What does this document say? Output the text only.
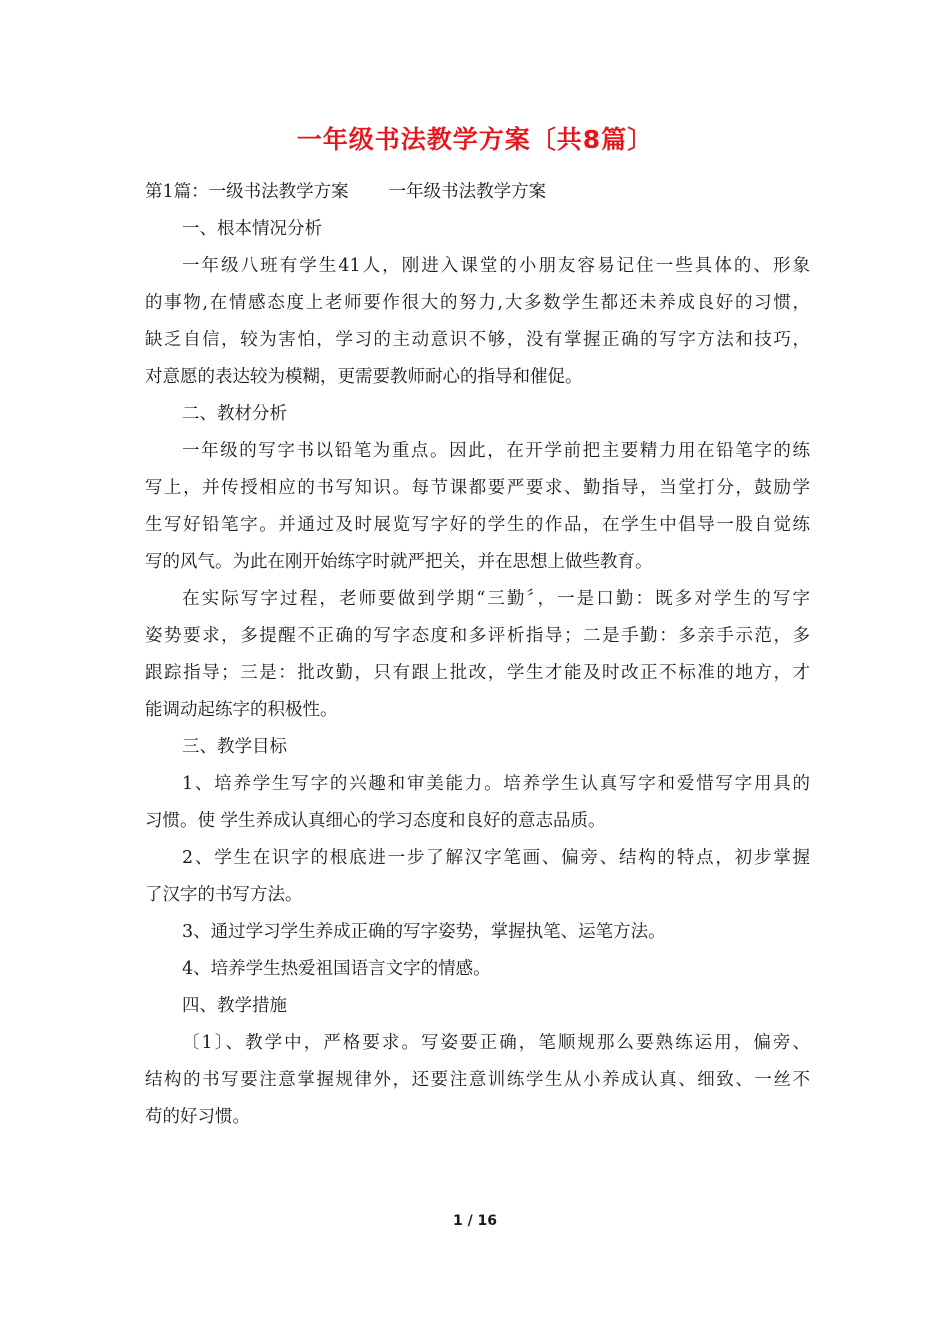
一年级书法教学方案〔共8篇〕
第1篇：一级书法教学方案 一年级书法教学方案
一、根本情况分析
一年级八班有学生41人，刚进入课堂的小朋友容易记住一些具体的、形象
的事物,在情感态度上老师要作很大的努力,大多数学生都还未养成良好的习惯，
缺乏自信，较为害怕，学习的主动意识不够，没有掌握正确的写字方法和技巧，
对意愿的表达较为模糊，更需要教师耐心的指导和催促。
二、教材分析
一年级的写字书以铅笔为重点。因此，在开学前把主要精力用在铅笔字的练
写上，并传授相应的书写知识。每节课都要严要求、勤指导，当堂打分，鼓励学
生写好铅笔字。并通过及时展览写字好的学生的作品，在学生中倡导一股自觉练
写的风气。为此在刚开始练字时就严把关，并在思想上做些教育。
在实际写字过程，老师要做到学期“三勤〞，一是口勤：既多对学生的写字
姿势要求，多提醒不正确的写字态度和多评析指导；二是手勤：多亲手示范，多
跟踪指导；三是：批改勤，只有跟上批改，学生才能及时改正不标准的地方，才
能调动起练字的积极性。
三、教学目标
1、培养学生写字的兴趣和审美能力。培养学生认真写字和爱惜写字用具的
习惯。使 学生养成认真细心的学习态度和良好的意志品质。
2、学生在识字的根底进一步了解汉字笔画、偏旁、结构的特点，初步掌握
了汉字的书写方法。
3、通过学习学生养成正确的写字姿势，掌握执笔、运笔方法。
4、培养学生热爱祖国语言文字的情感。
四、教学措施
〔1〕、教学中，严格要求。写姿要正确，笔顺规那么要熟练运用，偏旁、
结构的书写要注意掌握规律外，还要注意训练学生从小养成认真、细致、一丝不
苟的好习惯。
1 / 16
